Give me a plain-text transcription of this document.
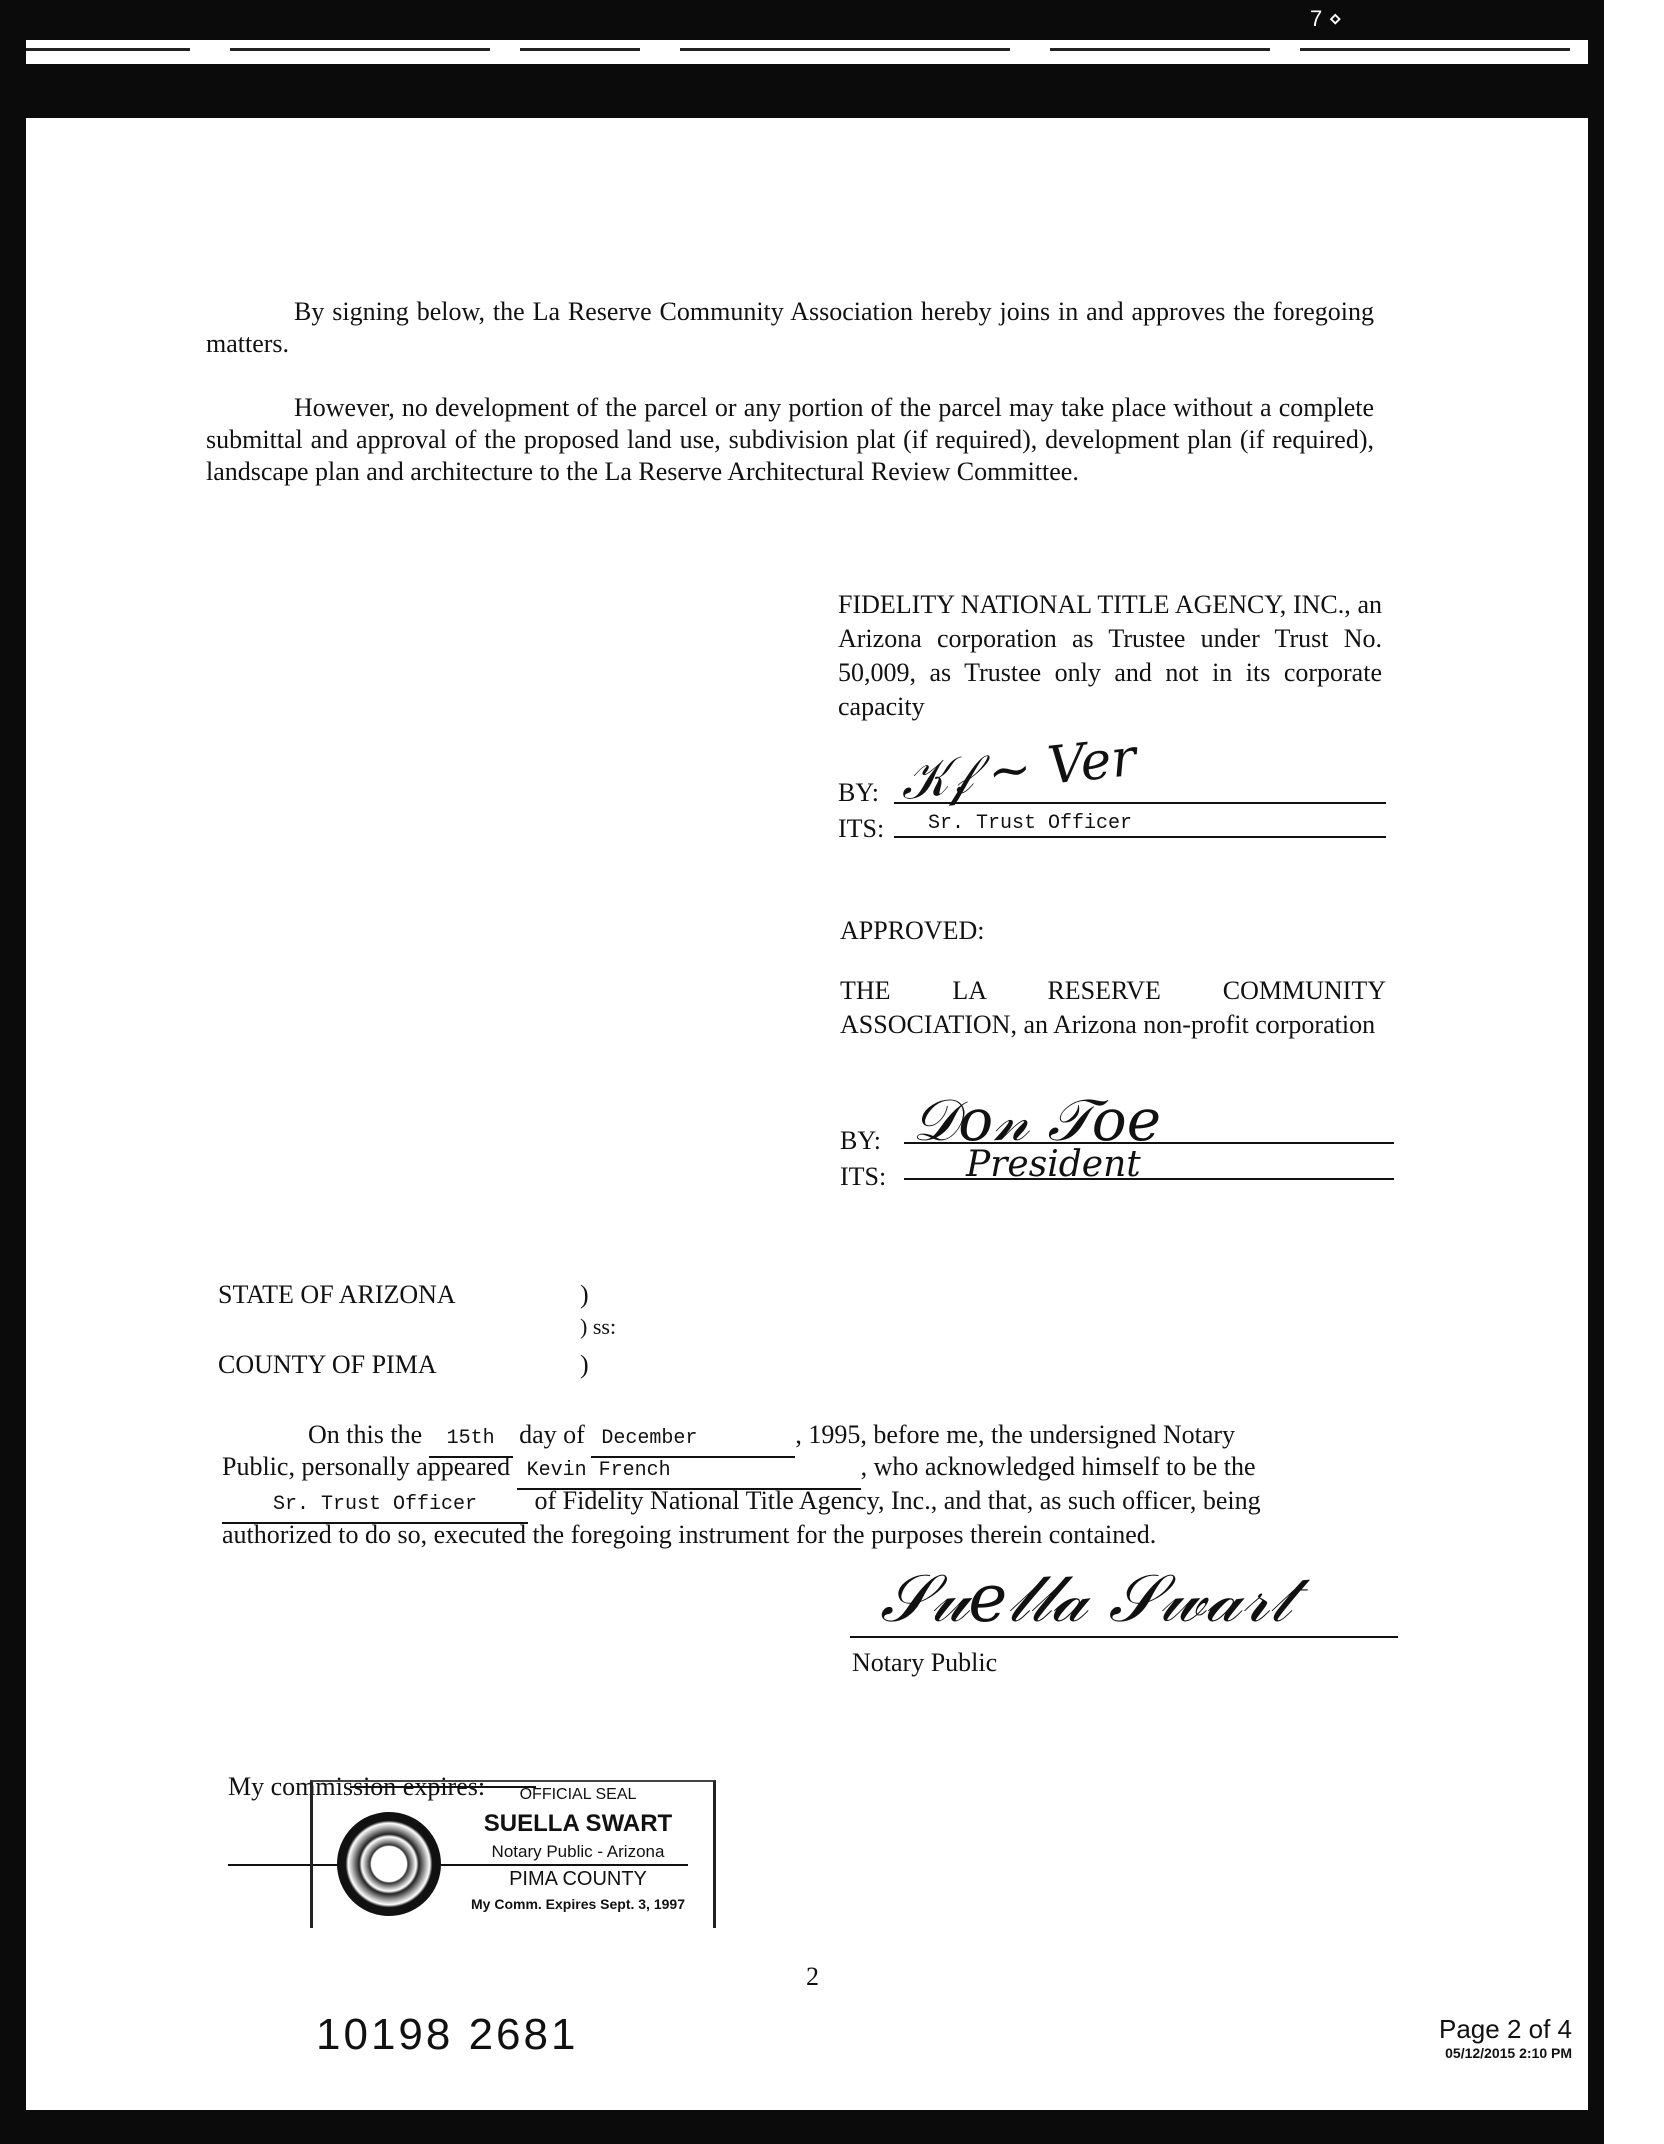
7 ⋄
By signing below, the La Reserve Community Association hereby joins in and approves the foregoing matters.
However, no development of the parcel or any portion of the parcel may take place without a complete submittal and approval of the proposed land use, subdivision plat (if required), development plan (if required), landscape plan and architecture to the La Reserve Architectural Review Committee.
FIDELITY NATIONAL TITLE AGENCY, INC., an Arizona corporation as Trustee under Trust No. 50,009, as Trustee only and not in its corporate capacity
BY: 𝒦𝒻 ~ Ver
ITS: Sr. Trust Officer
APPROVED:
THE LA RESERVE COMMUNITY ASSOCIATION, an Arizona non-profit corporation
BY: 𝒟𝑜𝓃 𝒯𝑜𝑒
ITS: President
STATE OF ARIZONA	)
) ss:
COUNTY OF PIMA	)
On this the 15th day of December	, 1995, before me, the undersigned Notary
Public, personally appeared Kevin French	, who acknowledged himself to be the
Sr. Trust Officer of Fidelity National Title Agency, Inc., and that, as such officer, being
authorized to do so, executed the foregoing instrument for the purposes therein contained.
𝒮𝓊𝑒𝓁𝓁𝒶 𝒮𝓌𝒶𝓇𝓉
Notary Public
My commission expires:	OFFICIAL SEAL
SUELLA SWART
Notary Public - Arizona
PIMA COUNTY
My Comm. Expires Sept. 3, 1997
2
10198 2681	Page 2 of 4
05/12/2015 2:10 PM
